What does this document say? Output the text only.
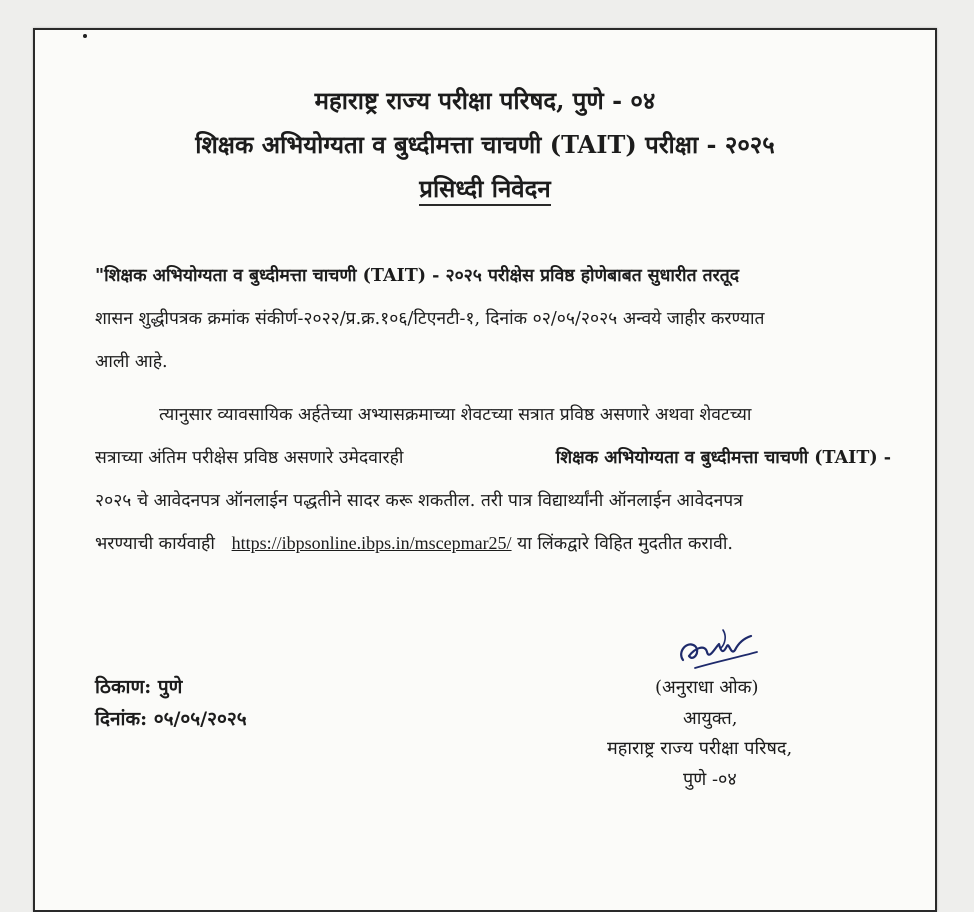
महाराष्ट्र राज्य परीक्षा परिषद, पुणे - ०४
शिक्षक अभियोग्यता व बुध्दीमत्ता चाचणी (TAIT) परीक्षा - २०२५
प्रसिध्दी निवेदन
"शिक्षक अभियोग्यता व बुध्दीमत्ता चाचणी (TAIT) - २०२५ परीक्षेस प्रविष्ठ होणेबाबत सुधारीत तरतूद
शासन शुद्धीपत्रक क्रमांक संकीर्ण-२०२२/प्र.क्र.१०६/टिएनटी-१, दिनांक ०२/०५/२०२५ अन्वये जाहीर करण्यात
आली आहे.
त्यानुसार व्यावसायिक अर्हतेच्या अभ्यासक्रमाच्या शेवटच्या सत्रात प्रविष्ठ असणारे अथवा शेवटच्या
सत्राच्या अंतिम परीक्षेस प्रविष्ठ असणारे उमेदवारही	शिक्षक अभियोग्यता व बुध्दीमत्ता चाचणी (TAIT) -
२०२५ चे आवेदनपत्र ऑनलाईन पद्धतीने सादर करू शकतील. तरी पात्र विद्यार्थ्यांनी ऑनलाईन आवेदनपत्र
भरण्याची कार्यवाही https://ibpsonline.ibps.in/mscepmar25/ या लिंकद्वारे विहित मुदतीत करावी.
ठिकाण: पुणे
दिनांक: ०५/०५/२०२५
(अनुराधा ओक)
आयुक्त,
महाराष्ट्र राज्य परीक्षा परिषद,
पुणे -०४
